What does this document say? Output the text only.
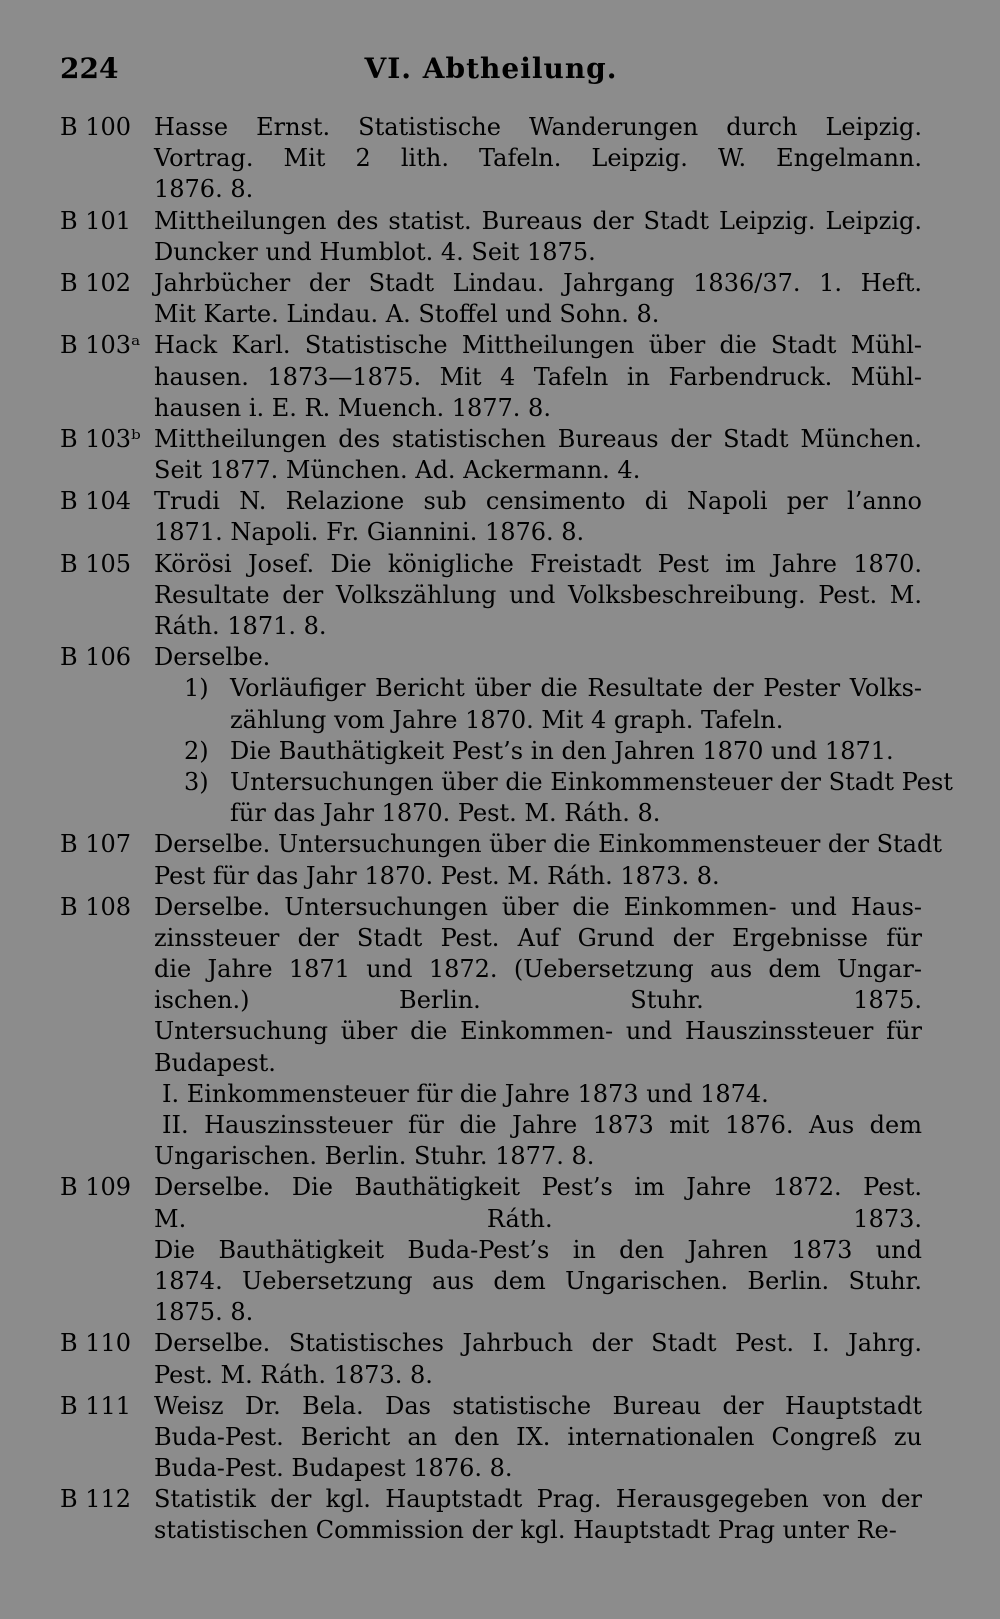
224	VI. Abtheilung.
B 100 Hasse Ernst. Statistische Wanderungen durch Leipzig.
Vortrag. Mit 2 lith. Tafeln. Leipzig. W. Engelmann.
1876. 8.
B 101 Mittheilungen des statist. Bureaus der Stadt Leipzig. Leipzig.
Duncker und Humblot. 4. Seit 1875.
B 102 Jahrbücher der Stadt Lindau. Jahrgang 1836/37. 1. Heft.
Mit Karte. Lindau. A. Stoffel und Sohn. 8.
B 103ᵃ Hack Karl. Statistische Mittheilungen über die Stadt Mühl-
hausen. 1873—1875. Mit 4 Tafeln in Farbendruck. Mühl-
hausen i. E. R. Muench. 1877. 8.
B 103ᵇ Mittheilungen des statistischen Bureaus der Stadt München.
Seit 1877. München. Ad. Ackermann. 4.
B 104 Trudi N. Relazione sub censimento di Napoli per l’anno
1871. Napoli. Fr. Giannini. 1876. 8.
B 105 Körösi Josef. Die königliche Freistadt Pest im Jahre 1870.
Resultate der Volkszählung und Volksbeschreibung. Pest. M.
Ráth. 1871. 8.
B 106 Derselbe.
1) Vorläufiger Bericht über die Resultate der Pester Volks-
zählung vom Jahre 1870. Mit 4 graph. Tafeln.
2) Die Bauthätigkeit Pest’s in den Jahren 1870 und 1871.
3) Untersuchungen über die Einkommensteuer der Stadt Pest
für das Jahr 1870. Pest. M. Ráth. 8.
B 107 Derselbe. Untersuchungen über die Einkommensteuer der Stadt
Pest für das Jahr 1870. Pest. M. Ráth. 1873. 8.
B 108 Derselbe. Untersuchungen über die Einkommen- und Haus-
zinssteuer der Stadt Pest. Auf Grund der Ergebnisse für
die Jahre 1871 und 1872. (Uebersetzung aus dem Ungar-
ischen.) Berlin. Stuhr. 1875.
Untersuchung über die Einkommen- und Hauszinssteuer für
Budapest.
I. Einkommensteuer für die Jahre 1873 und 1874.
II. Hauszinssteuer für die Jahre 1873 mit 1876. Aus dem
Ungarischen. Berlin. Stuhr. 1877. 8.
B 109 Derselbe. Die Bauthätigkeit Pest’s im Jahre 1872. Pest.
M. Ráth. 1873.
Die Bauthätigkeit Buda-Pest’s in den Jahren 1873 und
1874. Uebersetzung aus dem Ungarischen. Berlin. Stuhr.
1875. 8.
B 110 Derselbe. Statistisches Jahrbuch der Stadt Pest. I. Jahrg.
Pest. M. Ráth. 1873. 8.
B 111 Weisz Dr. Bela. Das statistische Bureau der Hauptstadt
Buda-Pest. Bericht an den IX. internationalen Congreß zu
Buda-Pest. Budapest 1876. 8.
B 112 Statistik der kgl. Hauptstadt Prag. Herausgegeben von der
statistischen Commission der kgl. Hauptstadt Prag unter Re-
